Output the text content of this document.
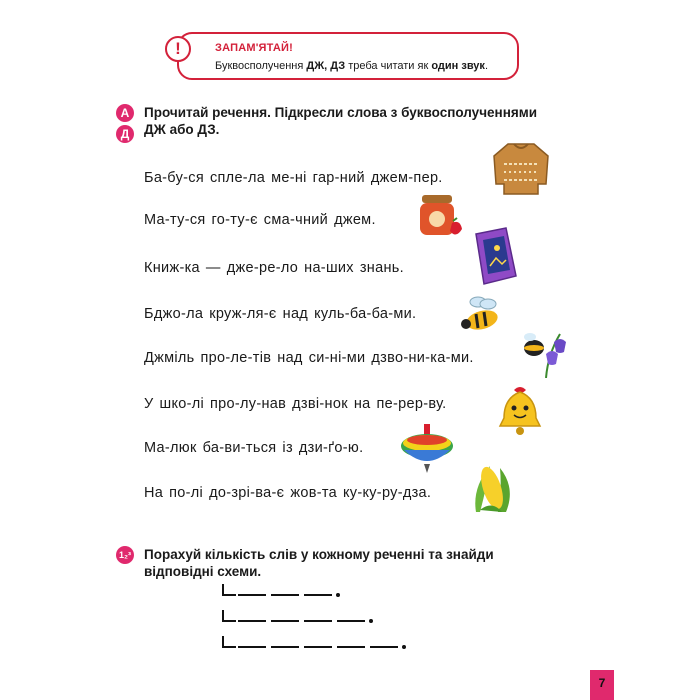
!	ЗАПАМ'ЯТАЙ!
Буквосполучення ДЖ, ДЗ треба читати як один звук.
А
Д
Прочитай речення. Підкресли слова з буквосполученнями
ДЖ або ДЗ.
Ба-бу-ся спле-ла ме-ні гар-ний джем-пер.
Ма-ту-ся го-ту-є сма-чний джем.
Книж-ка — дже-ре-ло на-ших знань.
Бджо-ла круж-ля-є над куль-ба-ба-ми.
Джміль про-ле-тів над си-ні-ми дзво-ни-ка-ми.
У шко-лі про-лу-нав дзві-нок на пе-рер-ву.
Ма-люк ба-ви-ться із дзи-ґо-ю.
На по-лі до-зрі-ва-є жов-та ку-ку-ру-дза.
1₂³ Порахуй кількість слів у кожному реченні та знайди
відповідні схеми.
7
